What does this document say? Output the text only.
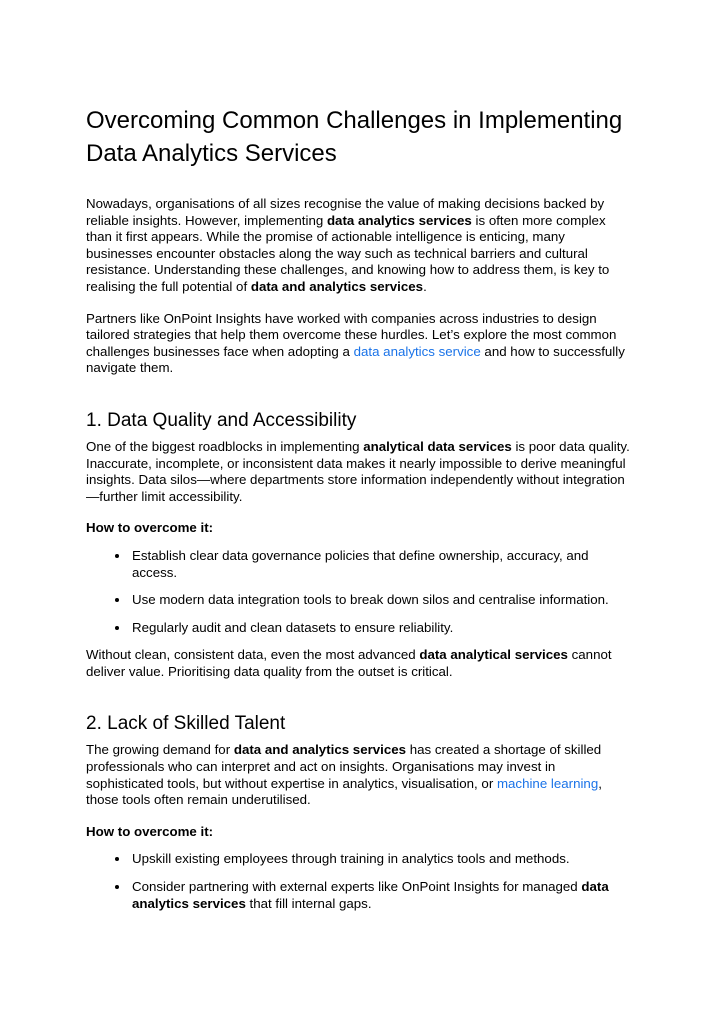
Overcoming Common Challenges in Implementing Data Analytics Services

Nowadays, organisations of all sizes recognise the value of making decisions backed by reliable insights. However, implementing data analytics services is often more complex than it first appears. While the promise of actionable intelligence is enticing, many businesses encounter obstacles along the way such as technical barriers and cultural resistance. Understanding these challenges, and knowing how to address them, is key to realising the full potential of data and analytics services.

Partners like OnPoint Insights have worked with companies across industries to design tailored strategies that help them overcome these hurdles. Let’s explore the most common challenges businesses face when adopting a data analytics service and how to successfully navigate them.

1. Data Quality and Accessibility

One of the biggest roadblocks in implementing analytical data services is poor data quality. Inaccurate, incomplete, or inconsistent data makes it nearly impossible to derive meaningful insights. Data silos—where departments store information independently without integration—further limit accessibility.

How to overcome it:

• Establish clear data governance policies that define ownership, accuracy, and access.
• Use modern data integration tools to break down silos and centralise information.
• Regularly audit and clean datasets to ensure reliability.

Without clean, consistent data, even the most advanced data analytical services cannot deliver value. Prioritising data quality from the outset is critical.

2. Lack of Skilled Talent

The growing demand for data and analytics services has created a shortage of skilled professionals who can interpret and act on insights. Organisations may invest in sophisticated tools, but without expertise in analytics, visualisation, or machine learning, those tools often remain underutilised.

How to overcome it:

• Upskill existing employees through training in analytics tools and methods.
• Consider partnering with external experts like OnPoint Insights for managed data analytics services that fill internal gaps.
